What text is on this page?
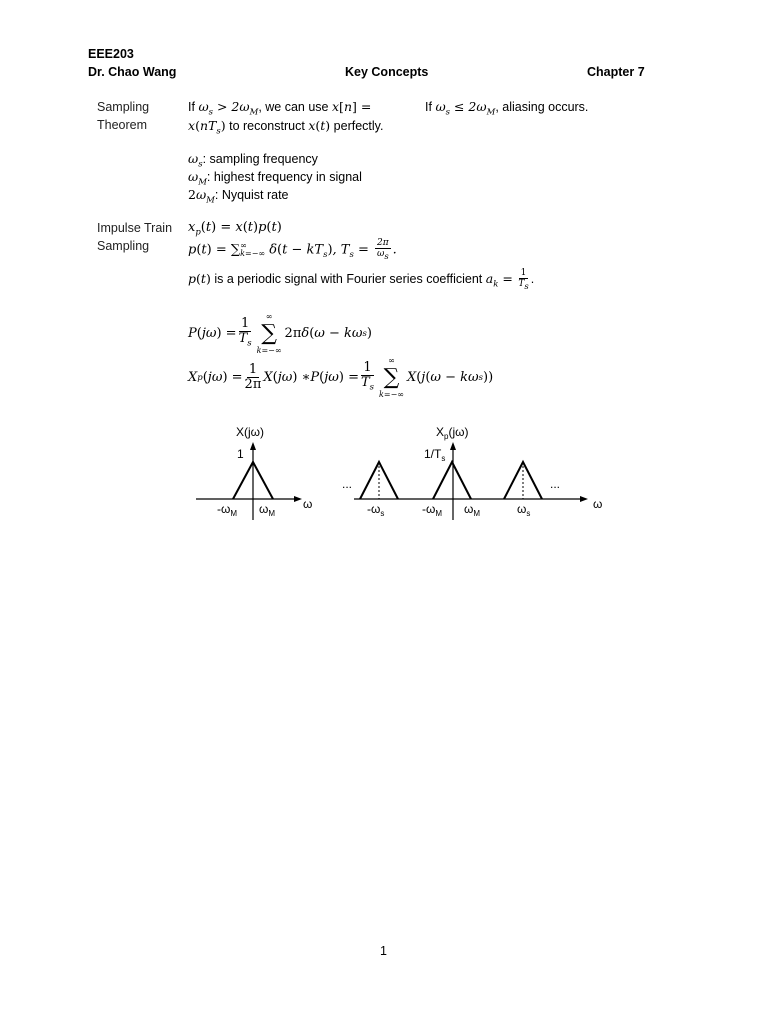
EEE203
Dr. Chao Wang	Key Concepts	Chapter 7
Sampling
Theorem
If $\omega_s > 2\omega_M$, we can use x[n] =
$x(nT_s)$ to reconstruct x(t) perfectly.
If $\omega_s \le 2\omega_M$, aliasing occurs.
$\omega_s$: sampling frequency
$\omega_M$: highest frequency in signal
$2\omega_M$: Nyquist rate
Impulse Train
Sampling
$x_p(t) = x(t)p(t)$
p(t) = ∑ ∞
k=−∞ $\delta(t - kT_s)$, $T_s = \frac{2\pi}{\omega_s}$ .
p(t) is a periodic signal with Fourier series coefficient $a_k = \frac{1}{T_s}$ .
P ( jω ) = $\frac{1}{T_s}$
∞
∑
k=−∞
2π δ ( ω − kω s )
X p ( jω ) = $\frac{1}{2\pi}$ X ( jω ) ∗ P ( jω ) = $\frac{1}{T_s}$
∞
∑
k=−∞
X ( j ( ω − kω s ))
X(jω)
1
ω
$-\omega_M$ $\omega_M$
$X_p(j\omega)$
$1/T_s$
...	...
ω
$-\omega_s$	$-\omega_M$ $\omega_M$	$\omega_s$
1
